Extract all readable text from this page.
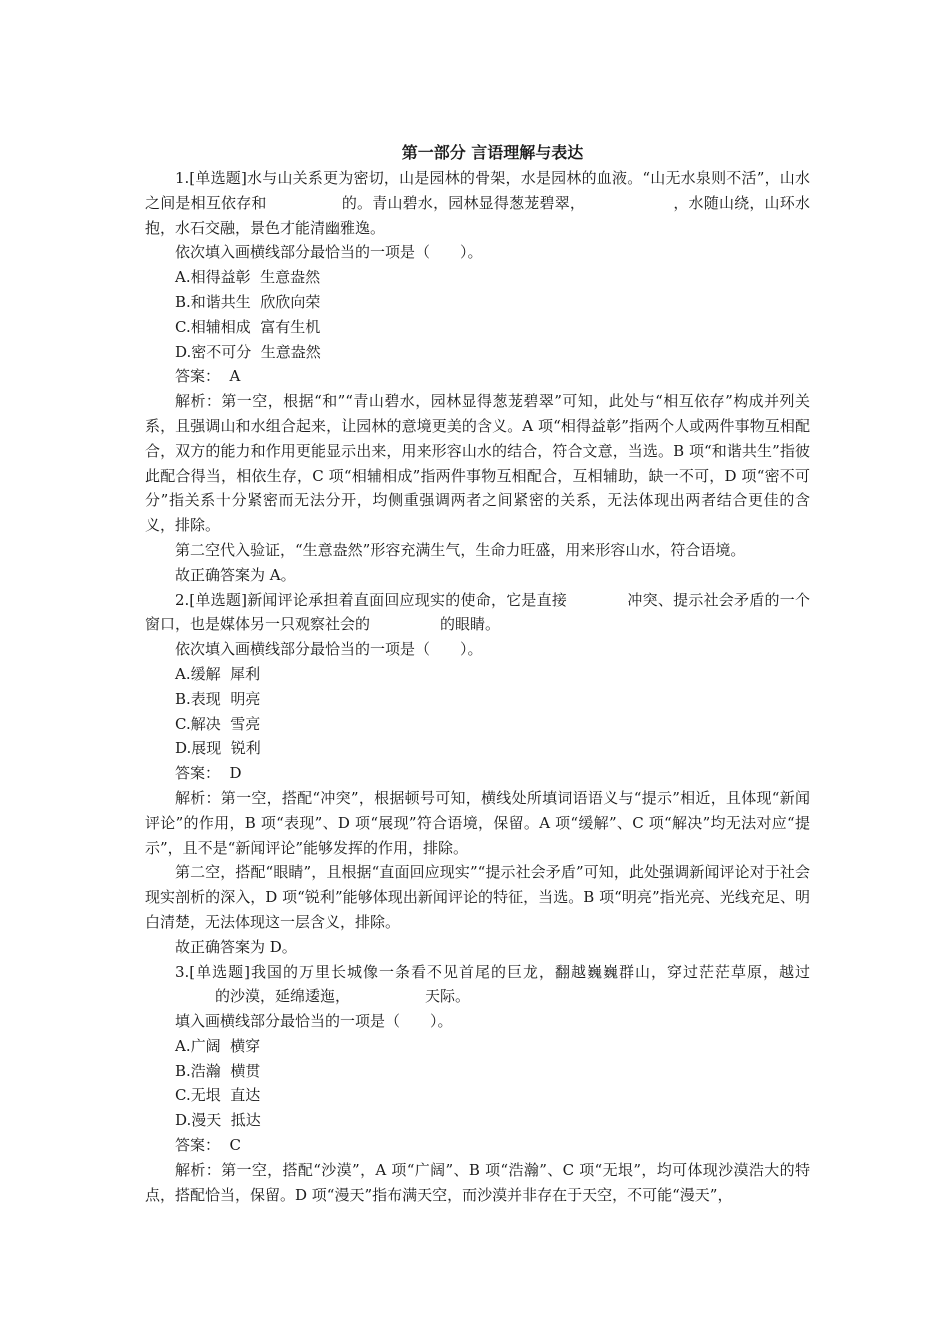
第一部分 言语理解与表达
1.[单选题]水与山关系更为密切，山是园林的骨架，水是园林的血液。“山无水泉则不活”，山水之间是相互依存和	的。青山碧水，园林显得葱茏碧翠，	，水随山绕，山环水抱，水石交融，景色才能清幽雅逸。
依次填入画横线部分最恰当的一项是（　　）。
A.相得益彰  生意盎然
B.和谐共生  欣欣向荣
C.相辅相成  富有生机
D.密不可分  生意盎然
答案：  A
解析：第一空，根据“和”“青山碧水，园林显得葱茏碧翠”可知，此处与“相互依存”构成并列关系，且强调山和水组合起来，让园林的意境更美的含义。A 项“相得益彰”指两个人或两件事物互相配合，双方的能力和作用更能显示出来，用来形容山水的结合，符合文意，当选。B 项“和谐共生”指彼此配合得当，相依生存，C 项“相辅相成”指两件事物互相配合，互相辅助，缺一不可，D 项“密不可分”指关系十分紧密而无法分开，均侧重强调两者之间紧密的关系，无法体现出两者结合更佳的含义，排除。
第二空代入验证，“生意盎然”形容充满生气，生命力旺盛，用来形容山水，符合语境。
故正确答案为 A。
2.[单选题]新闻评论承担着直面回应现实的使命，它是直接	冲突、提示社会矛盾的一个窗口，也是媒体另一只观察社会的	的眼睛。
依次填入画横线部分最恰当的一项是（　　）。
A.缓解  犀利
B.表现  明亮
C.解决  雪亮
D.展现  锐利
答案：  D
解析：第一空，搭配“冲突”，根据顿号可知，横线处所填词语语义与“提示”相近，且体现“新闻评论”的作用，B 项“表现”、D 项“展现”符合语境，保留。A 项“缓解”、C 项“解决”均无法对应“提示”，且不是“新闻评论”能够发挥的作用，排除。
第二空，搭配“眼睛”，且根据“直面回应现实”“提示社会矛盾”可知，此处强调新闻评论对于社会现实剖析的深入，D 项“锐利”能够体现出新闻评论的特征，当选。B 项“明亮”指光亮、光线充足、明白清楚，无法体现这一层含义，排除。
故正确答案为 D。
3.[单选题]我国的万里长城像一条看不见首尾的巨龙，翻越巍巍群山，穿过茫茫草原，越过的沙漠，延绵逶迤，	天际。
填入画横线部分最恰当的一项是（　　）。
A.广阔  横穿
B.浩瀚  横贯
C.无垠  直达
D.漫天  抵达
答案：  C
解析：第一空，搭配“沙漠”，A 项“广阔”、B 项“浩瀚”、C 项“无垠”，均可体现沙漠浩大的特点，搭配恰当，保留。D 项“漫天”指布满天空，而沙漠并非存在于天空，不可能“漫天”，
